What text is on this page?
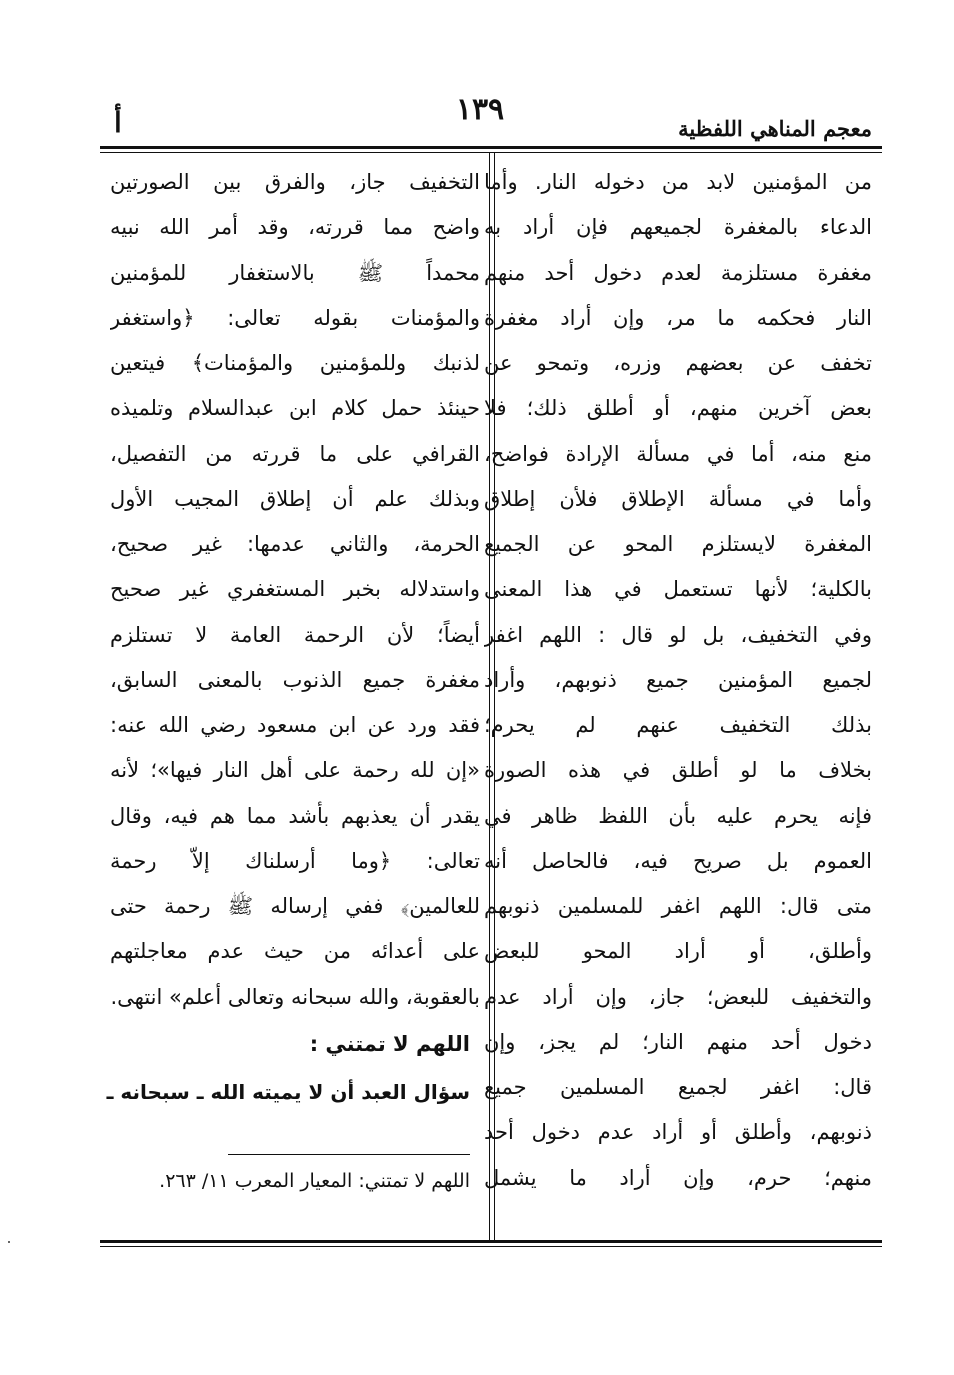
١٣٩
معجم المناهي اللفظية
أ
من المؤمنين لابد من دخوله النار. وأما
الدعاء بالمغفرة لجميعهم فإن أراد به
مغفرة مستلزمة لعدم دخول أحد منهم
النار فحكمه ما مر، وإن أراد مغفرة
تخفف عن بعضهم وزره، وتمحو عن
بعض آخرين منهم، أو أطلق ذلك؛ فلا
منع منه، أما في مسألة الإرادة فواضح،
وأما في مسألة الإطلاق فلأن إطلاق
المغفرة لايستلزم المحو عن الجميع
بالكلية؛ لأنها تستعمل في هذا المعنى
وفي التخفيف، بل لو قال : اللهم اغفر
لجميع المؤمنين جميع ذنوبهم، وأراد
بذلك التخفيف عنهم لم يحرم؛
بخلاف ما لو أطلق في هذه الصورة
فإنه يحرم عليه بأن اللفظ ظاهر في
العموم بل صريح فيه، فالحاصل أنه
متى قال: اللهم اغفر للمسلمين ذنوبهم
وأطلق، أو أراد المحو للبعض
والتخفيف للبعض؛ جاز، وإن أراد عدم
دخول أحد منهم النار؛ لم يجز، وإن
قال: اغفر لجميع المسلمين جميع
ذنوبهم، وأطلق أو أراد عدم دخول أحد
منهم؛ حرم، وإن أراد ما يشمل
التخفيف جاز، والفرق بين الصورتين
واضح مما قررته، وقد أمر الله نبيه
محمداً ﷺ بالاستغفار للمؤمنين
والمؤمنات بقوله تعالى: ﴿واستغفر
لذنبك وللمؤمنين والمؤمنات﴾ فيتعين
حينئذ حمل كلام ابن عبدالسلام وتلميذه
القرافي على ما قررته من التفصيل،
وبذلك علم أن إطلاق المجيب الأول
الحرمة، والثاني عدمها: غير صحيح،
واستدلاله بخبر المستغفري غير صحيح
أيضاً؛ لأن الرحمة العامة لا تستلزم
مغفرة جميع الذنوب بالمعنى السابق،
فقد ورد عن ابن مسعود رضي الله عنه:
«إن لله رحمة على أهل النار فيها»؛ لأنه
يقدر أن يعذبهم بأشد مما هم فيه، وقال
تعالى: ﴿وما أرسلناك إلاّ رحمة
للعالمين﴾ ففي إرساله ﷺ رحمة حتى
على أعدائه من حيث عدم معاجلتهم
بالعقوبة، والله سبحانه وتعالى أعلم» انتهى.
اللهم لا تمتني :
سؤال العبد أن لا يميته الله ـ سبحانه ـ
اللهم لا تمتني: المعيار المعرب ١١/ ٢٦٣.
